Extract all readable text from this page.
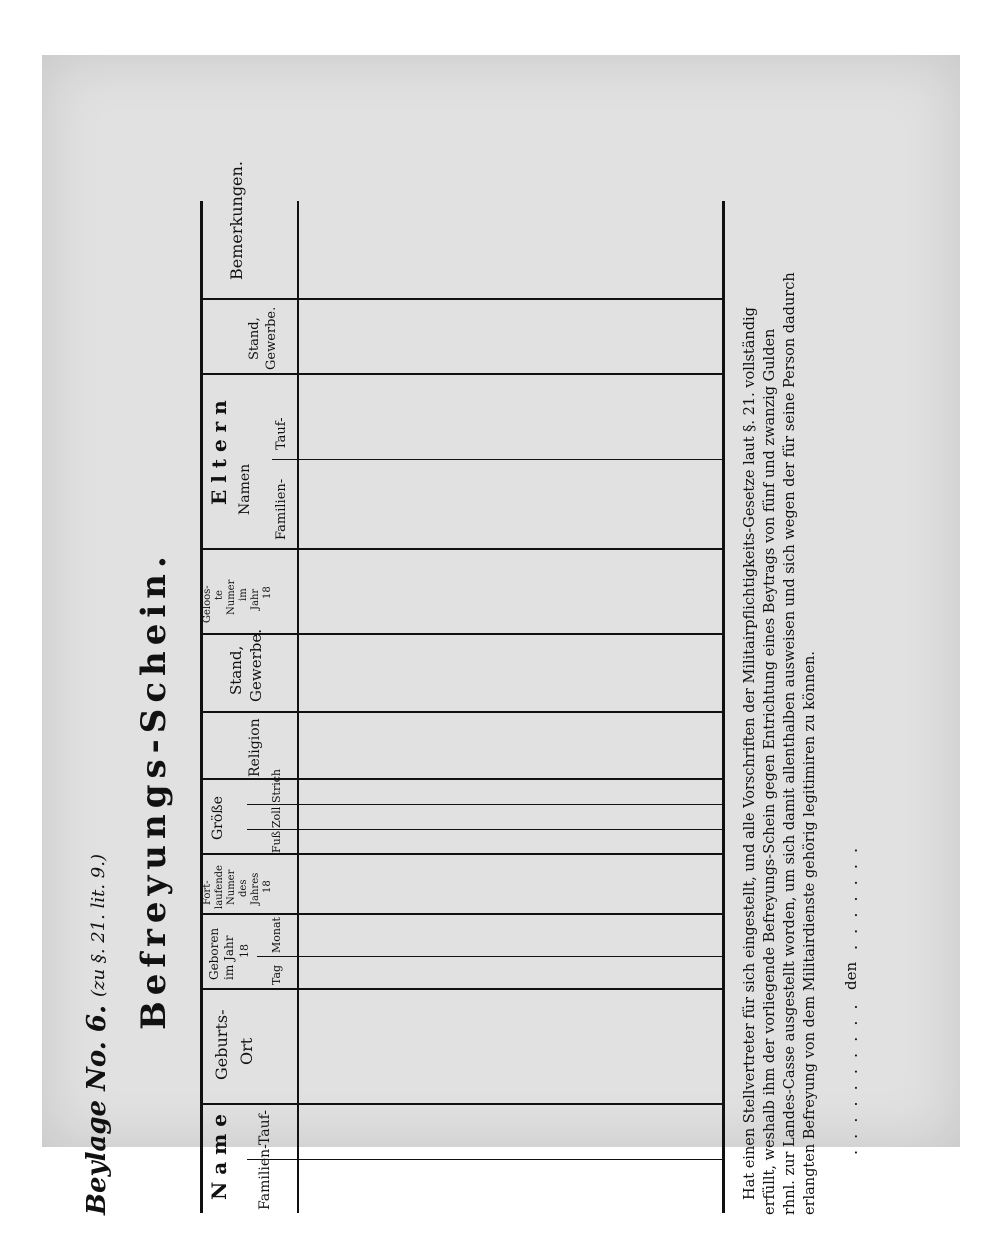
Beylage No. 6.
(zu §. 21. lit. 9.) Befreyungs-Schein.
N a m e Familien-
Tauf-
Geburts- Ort
Geboren im Jahr 18
Tag
Monat
Fort- laufende Numer des Jahres 18
Größe
Fuß
Zoll
Strich
Religion
Stand, Gewerbe.
Geloos- te Numer im Jahr 18
E l t e r n Namen Familien-
Tauf-
Stand, Gewerbe.
Bemerkungen.
Hat einen Stellvertreter für sich eingestellt, und alle Vorschriften der Militairpflichtigkeits-Gesetze laut §. 21. vollständig erfüllt, weshalb ihm der vorliegende Befreyungs-Schein gegen Entrichtung eines Beytrags von fünf und zwanzig Gulden rhnl. zur Landes-Casse ausgestellt worden, um sich damit allenthalben ausweisen und sich wegen der für seine Person dadurch erlangten Befreyung von dem Militairdienste gehörig legitimiren zu können. . . . . . . . . . .
den
. . . . . . .
